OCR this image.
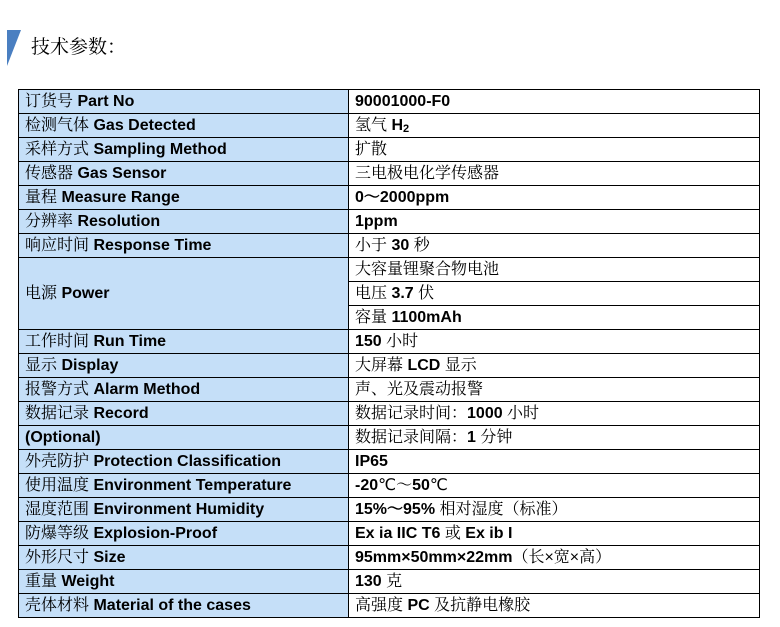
技术参数：
订货号 Part No	90001000-F0
检测气体 Gas Detected	氢气 $H_2$
采样方式 Sampling Method	扩散
传感器 Gas Sensor	三电极电化学传感器
量程 Measure Range	0～2000ppm
分辨率 Resolution	1ppm
响应时间 Response Time	小于 30 秒
电源 Power	大容量锂聚合物电池
	电压 3.7 伏
	容量 1100mAh
工作时间 Run Time	150 小时
显示 Display	大屏幕 LCD 显示
报警方式 Alarm Method	声、光及震动报警
数据记录 Record	数据记录时间：1000 小时
(Optional)	数据记录间隔：1 分钟
外壳防护 Protection Classification	IP65
使用温度 Environment Temperature	-20℃～50℃
湿度范围 Environment Humidity	15%～95% 相对湿度（标准）
防爆等级 Explosion-Proof	Ex ia IIC T6 或 Ex ib I
外形尺寸 Size	95mm×50mm×22mm（长×宽×高）
重量 Weight	130 克
壳体材料 Material of the cases	高强度 PC 及抗静电橡胶
